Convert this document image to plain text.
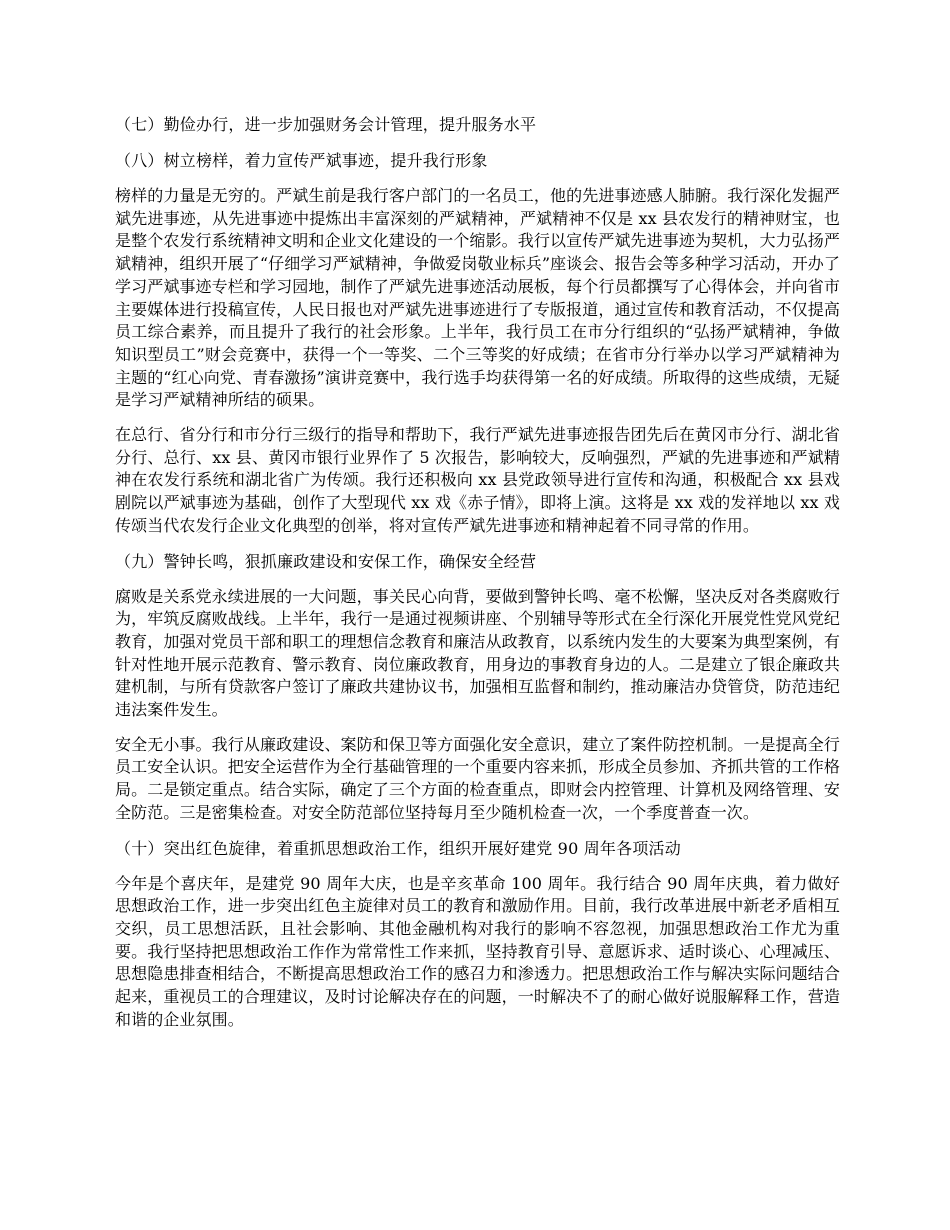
（七）勤俭办行，进一步加强财务会计管理，提升服务水平
（八）树立榜样，着力宣传严斌事迹，提升我行形象
榜样的力量是无穷的。严斌生前是我行客户部门的一名员工，他的先进事迹感人肺腑。我行深化发掘严斌先进事迹，从先进事迹中提炼出丰富深刻的严斌精神，严斌精神不仅是 xx 县农发行的精神财宝，也是整个农发行系统精神文明和企业文化建设的一个缩影。我行以宣传严斌先进事迹为契机，大力弘扬严斌精神，组织开展了“仔细学习严斌精神，争做爱岗敬业标兵”座谈会、报告会等多种学习活动，开办了学习严斌事迹专栏和学习园地，制作了严斌先进事迹活动展板，每个行员都撰写了心得体会，并向省市主要媒体进行投稿宣传，人民日报也对严斌先进事迹进行了专版报道，通过宣传和教育活动，不仅提高员工综合素养，而且提升了我行的社会形象。上半年，我行员工在市分行组织的“弘扬严斌精神，争做知识型员工”财会竞赛中，获得一个一等奖、二个三等奖的好成绩；在省市分行举办以学习严斌精神为主题的“红心向党、青春激扬”演讲竞赛中，我行选手均获得第一名的好成绩。所取得的这些成绩，无疑是学习严斌精神所结的硕果。
在总行、省分行和市分行三级行的指导和帮助下，我行严斌先进事迹报告团先后在黄冈市分行、湖北省分行、总行、xx 县、黄冈市银行业界作了 5 次报告，影响较大，反响强烈，严斌的先进事迹和严斌精神在农发行系统和湖北省广为传颂。我行还积极向 xx 县党政领导进行宣传和沟通，积极配合 xx 县戏剧院以严斌事迹为基础，创作了大型现代 xx 戏《赤子情》，即将上演。这将是 xx 戏的发祥地以 xx 戏传颂当代农发行企业文化典型的创举，将对宣传严斌先进事迹和精神起着不同寻常的作用。
（九）警钟长鸣，狠抓廉政建设和安保工作，确保安全经营
腐败是关系党永续进展的一大问题，事关民心向背，要做到警钟长鸣、毫不松懈，坚决反对各类腐败行为，牢筑反腐败战线。上半年，我行一是通过视频讲座、个别辅导等形式在全行深化开展党性党风党纪教育，加强对党员干部和职工的理想信念教育和廉洁从政教育，以系统内发生的大要案为典型案例，有针对性地开展示范教育、警示教育、岗位廉政教育，用身边的事教育身边的人。二是建立了银企廉政共建机制，与所有贷款客户签订了廉政共建协议书，加强相互监督和制约，推动廉洁办贷管贷，防范违纪违法案件发生。
安全无小事。我行从廉政建设、案防和保卫等方面强化安全意识，建立了案件防控机制。一是提高全行员工安全认识。把安全运营作为全行基础管理的一个重要内容来抓，形成全员参加、齐抓共管的工作格局。二是锁定重点。结合实际，确定了三个方面的检查重点，即财会内控管理、计算机及网络管理、安全防范。三是密集检查。对安全防范部位坚持每月至少随机检查一次，一个季度普查一次。
（十）突出红色旋律，着重抓思想政治工作，组织开展好建党 90 周年各项活动
今年是个喜庆年，是建党 90 周年大庆，也是辛亥革命 100 周年。我行结合 90 周年庆典，着力做好思想政治工作，进一步突出红色主旋律对员工的教育和激励作用。目前，我行改革进展中新老矛盾相互交织，员工思想活跃，且社会影响、其他金融机构对我行的影响不容忽视，加强思想政治工作尤为重要。我行坚持把思想政治工作作为常常性工作来抓，坚持教育引导、意愿诉求、适时谈心、心理减压、思想隐患排查相结合，不断提高思想政治工作的感召力和渗透力。把思想政治工作与解决实际问题结合起来，重视员工的合理建议，及时讨论解决存在的问题，一时解决不了的耐心做好说服解释工作，营造和谐的企业氛围。
